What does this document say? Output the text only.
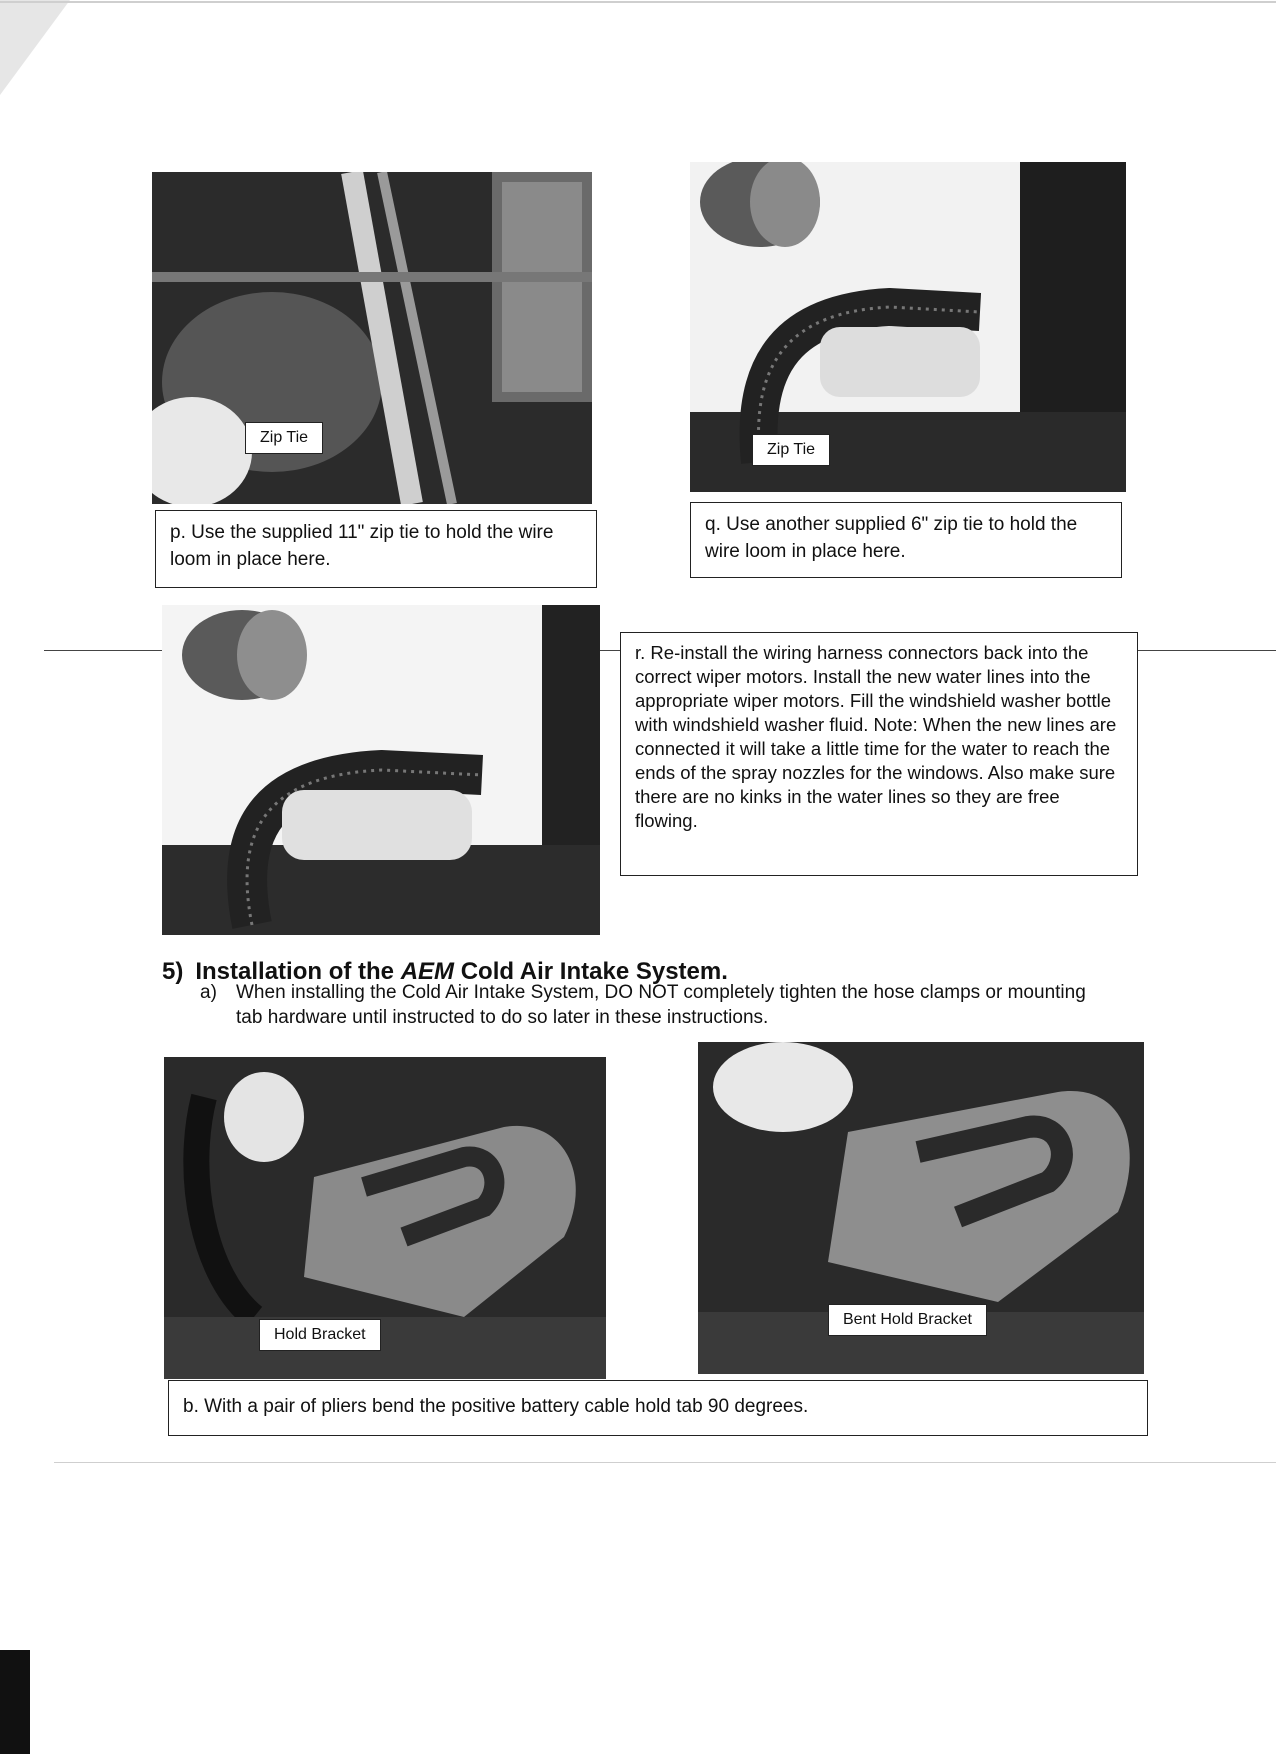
Zip Tie
Zip Tie
p. Use the supplied 11" zip tie to hold the wire loom in place here.
q. Use another supplied 6" zip tie to hold the wire loom in place here.
r. Re-install the wiring harness connectors back into the correct wiper motors. Install the new water lines into the appropriate wiper motors. Fill the windshield washer bottle with windshield washer fluid. Note: When the new lines are connected it will take a little time for the water to reach the ends of the spray nozzles for the windows. Also make sure there are no kinks in the water lines so they are free flowing.
5) Installation of the AEM Cold Air Intake System.
a) When installing the Cold Air Intake System, DO NOT completely tighten the hose clamps or mounting tab hardware until instructed to do so later in these instructions.
Hold Bracket
Bent Hold Bracket
b. With a pair of pliers bend the positive battery cable hold tab 90 degrees.
